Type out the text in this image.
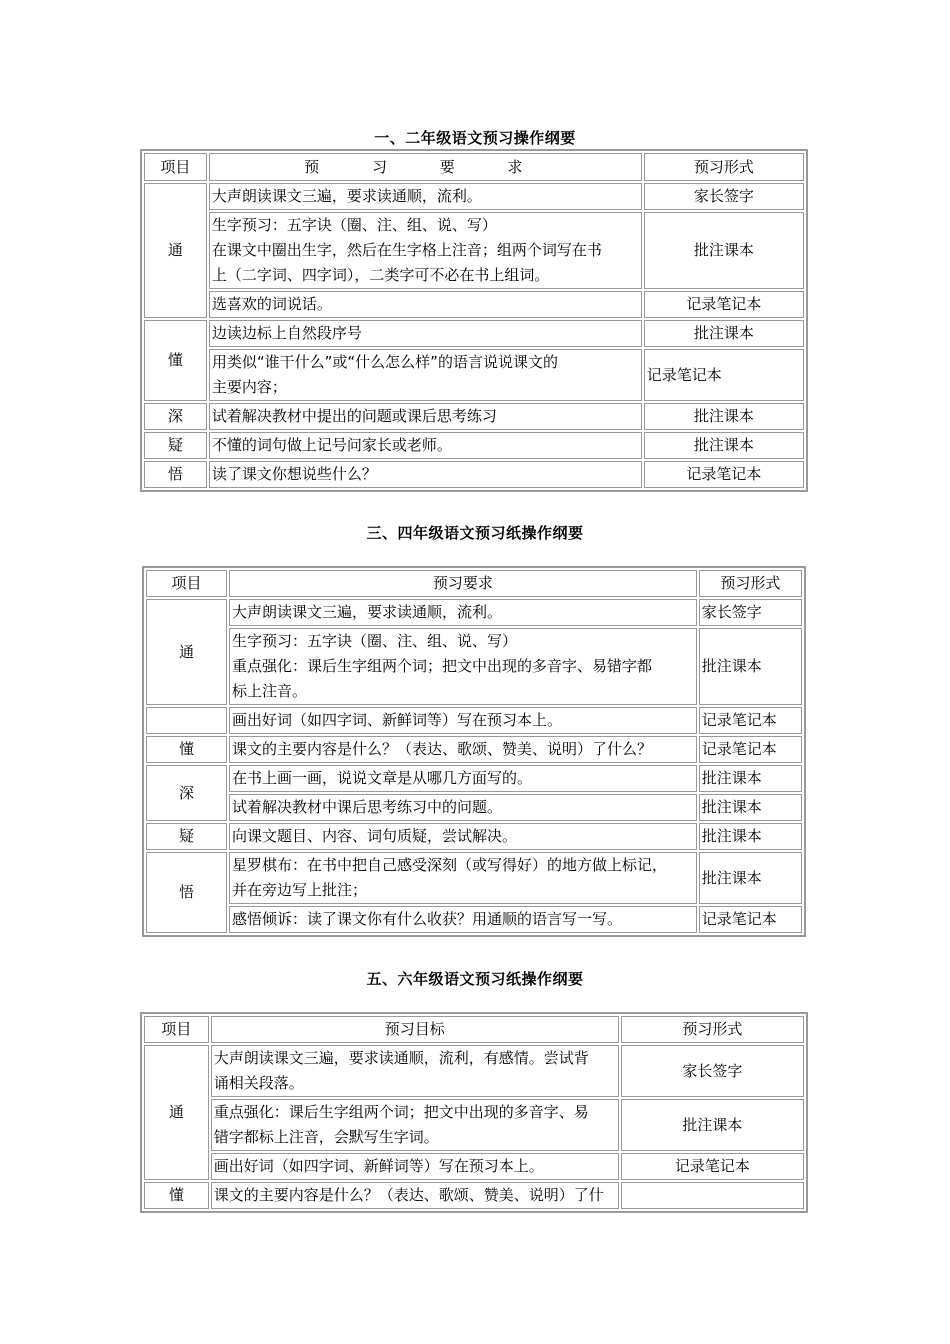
一、二年级语文预习操作纲要
项目	预 习 要 求	预习形式
通	大声朗读课文三遍，要求读通顺，流利。	家长签字

	生字预习：五字诀（圈、注、组、说、写）
在课文中圈出生字，然后在生字格上注音；组两个词写在书
上（二字词、四字词），二类字可不必在书上组词。	批注课本
	选喜欢的词说话。	记录笔记本
懂	边读边标上自然段序号	批注课本

	用类似“谁干什么”或“什么怎么样”的语言说说课文的
主要内容；	记录笔记本
深	试着解决教材中提出的问题或课后思考练习	批注课本
疑	不懂的词句做上记号问家长或老师。	批注课本
悟	读了课文你想说些什么？	记录笔记本
三、四年级语文预习纸操作纲要
项目	预习要求	预习形式
通	大声朗读课文三遍，要求读通顺，流利。	家长签字

	生字预习：五字诀（圈、注、组、说、写）
重点强化：课后生字组两个词；把文中出现的多音字、易错字都
标上注音。	批注课本
	画出好词（如四字词、新鲜词等）写在预习本上。	记录笔记本
懂	课文的主要内容是什么？（表达、歌颂、赞美、说明）了什么？	记录笔记本
深	在书上画一画，说说文章是从哪几方面写的。	批注课本
	试着解决教材中课后思考练习中的问题。	批注课本
疑	向课文题目、内容、词句质疑，尝试解决。	批注课本
悟	星罗棋布：在书中把自己感受深刻（或写得好）的地方做上标记，
并在旁边写上批注；	批注课本
	感悟倾诉：读了课文你有什么收获？用通顺的语言写一写。	记录笔记本
五、六年级语文预习纸操作纲要
项目	预习目标	预习形式
通	大声朗读课文三遍，要求读通顺，流利，有感情。尝试背
诵相关段落。	家长签字

	重点强化：课后生字组两个词；把文中出现的多音字、易
错字都标上注音，会默写生字词。	批注课本
	画出好词（如四字词、新鲜词等）写在预习本上。	记录笔记本
懂	课文的主要内容是什么？（表达、歌颂、赞美、说明）了什	
